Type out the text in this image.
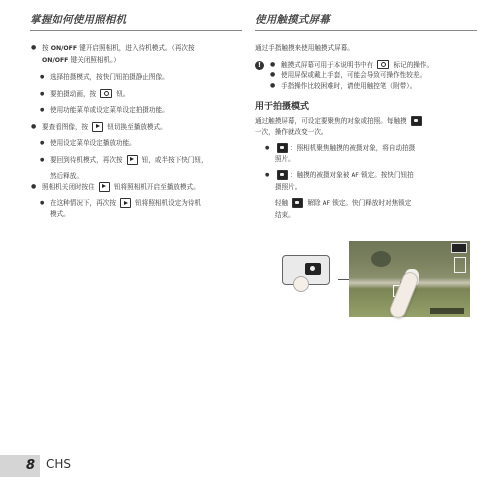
掌握如何使用照相机

● 按 ON/OFF 键开启照相机，进入待机模式。（再次按
ON/OFF 键关闭照相机。）

● 选择拍摄模式，按快门钮拍摄静止图像。

● 要拍摄动画，按  钮。

● 使用功能菜单或设定菜单设定拍摄功能。

● 要查看图像，按  钮切换至播放模式。

● 使用设定菜单设定播放功能。

● 要回到待机模式，再次按  钮，或半按下快门钮，

然后释放。

● 照相机关闭时按住  钮将照相机开启至播放模式。

● 在这种情况下，再次按  钮将照相机设定为待机
模式。

使用触摸式屏幕

通过手指触摸来使用触摸式屏幕。

!
●	触摸式屏幕可用于本说明书中有  标记的操作。
● 使用屏保或戴上手套，可能会导致可操作性较差。
● 手指操作比较困难时，请使用触控笔（附带）。
用于拍摄模式

通过触摸屏幕，可设定要聚焦的对象或拍照。每触摸
一次，操作就改变一次。

● ：照相机聚焦触摸的被摄对象，将自动拍摄
照片。

● ：触摸的被摄对象被 AF 锁定。按快门钮拍
摄照片。

轻触  解除 AF 锁定。快门释放时对焦锁定
结束。

8 CHS
